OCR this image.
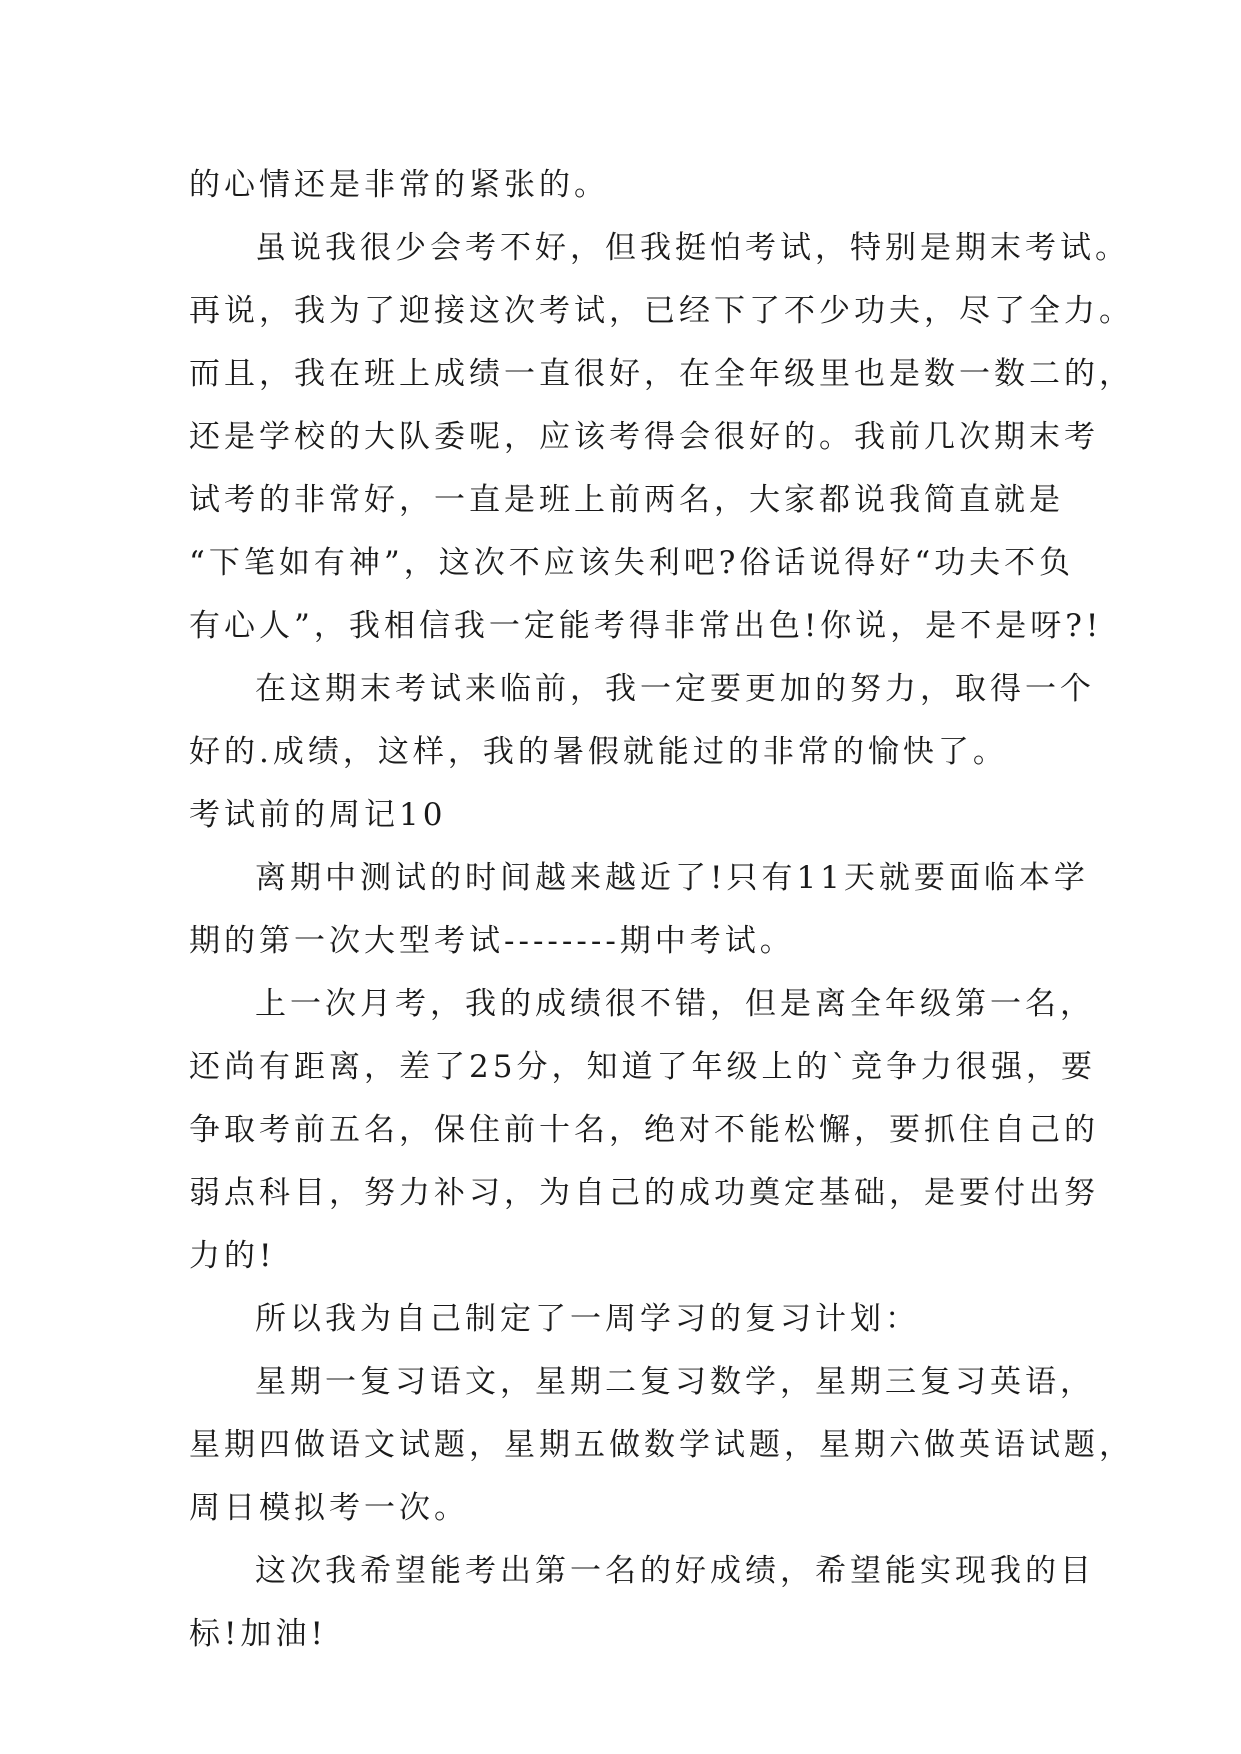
的心情还是非常的紧张的。
虽说我很少会考不好，但我挺怕考试，特别是期末考试。
再说，我为了迎接这次考试，已经下了不少功夫，尽了全力。
而且，我在班上成绩一直很好，在全年级里也是数一数二的，
还是学校的大队委呢，应该考得会很好的。我前几次期末考
试考的非常好，一直是班上前两名，大家都说我简直就是
“下笔如有神”，这次不应该失利吧?俗话说得好“功夫不负
有心人”，我相信我一定能考得非常出色!你说，是不是呀?!
在这期末考试来临前，我一定要更加的努力，取得一个
好的.成绩，这样，我的暑假就能过的非常的愉快了。
考试前的周记10
离期中测试的时间越来越近了!只有11天就要面临本学
期的第一次大型考试--------期中考试。
上一次月考，我的成绩很不错，但是离全年级第一名，
还尚有距离，差了25分，知道了年级上的`竞争力很强，要
争取考前五名，保住前十名，绝对不能松懈，要抓住自己的
弱点科目，努力补习，为自己的成功奠定基础，是要付出努
力的!
所以我为自己制定了一周学习的复习计划：
星期一复习语文，星期二复习数学，星期三复习英语，
星期四做语文试题，星期五做数学试题，星期六做英语试题，
周日模拟考一次。
这次我希望能考出第一名的好成绩，希望能实现我的目
标!加油!
